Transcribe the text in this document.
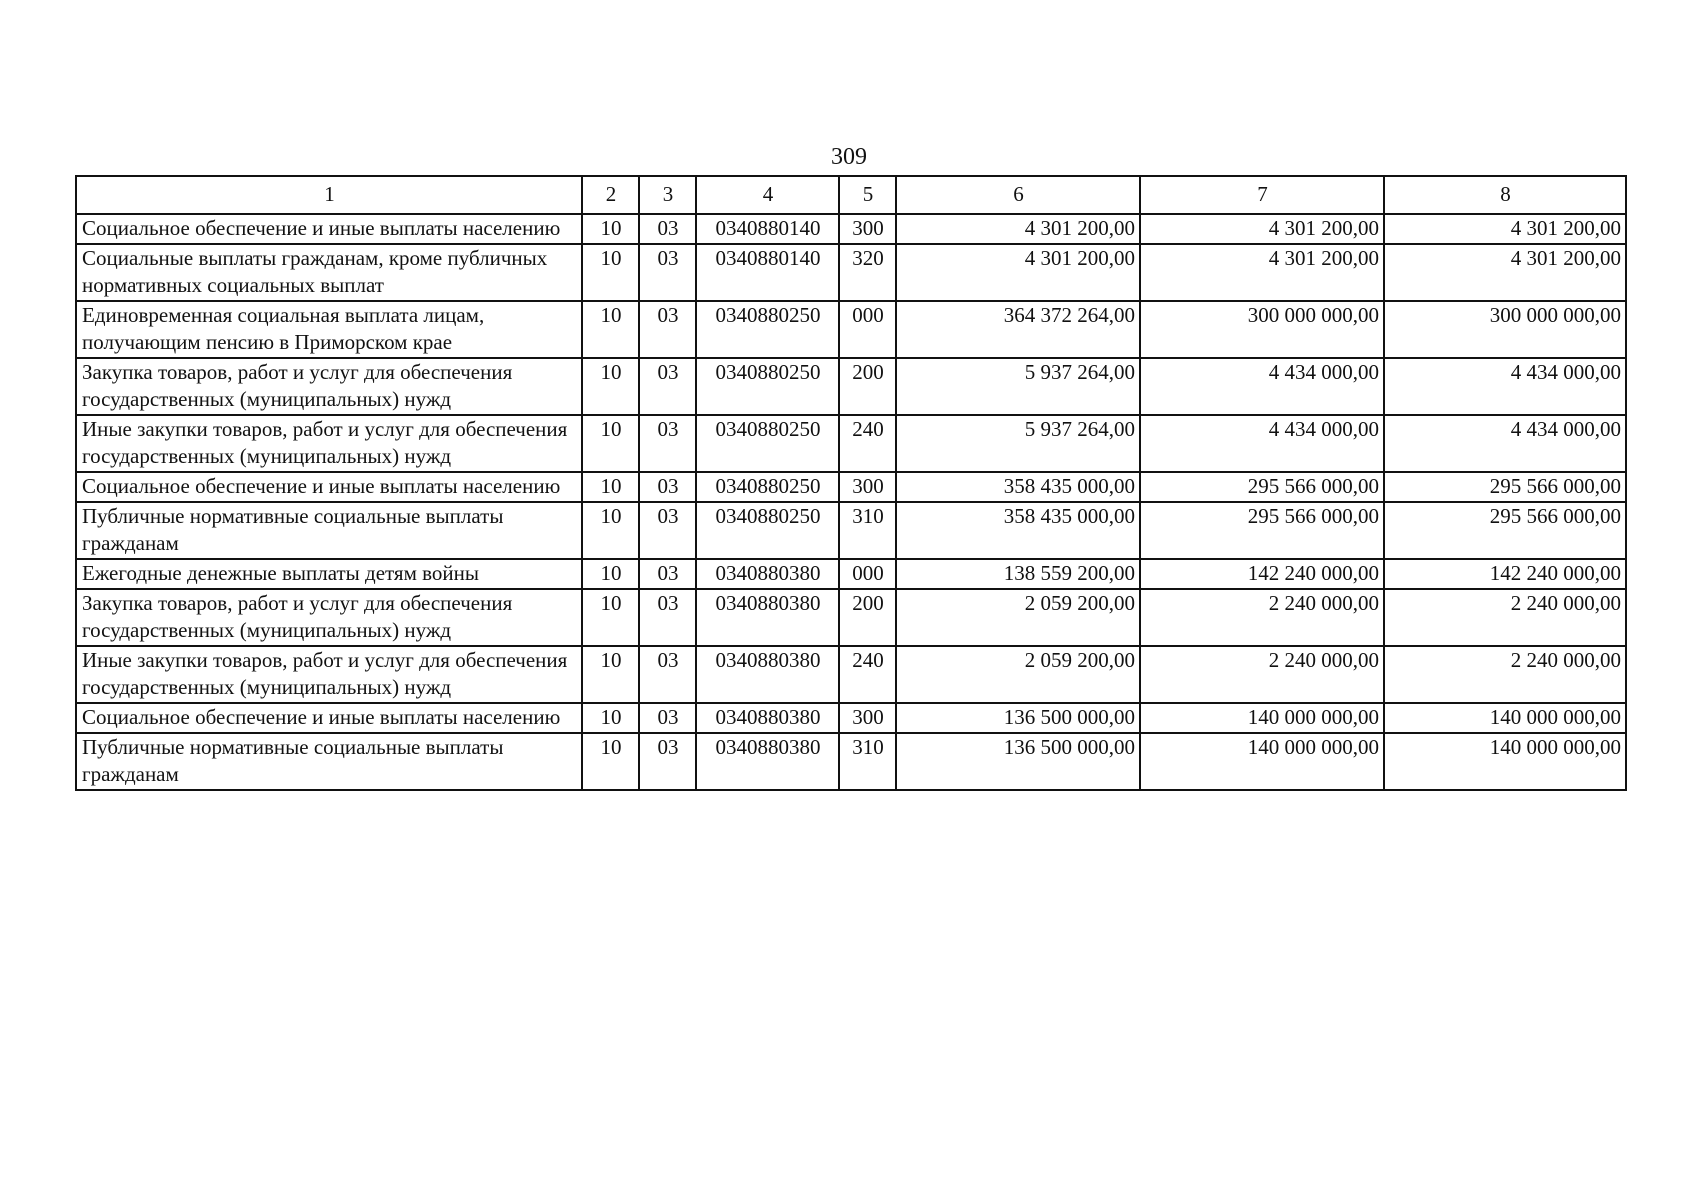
309
1	2	3	4	5	6	7	8
Социальное обеспечение и иные выплаты населению	10	03	0340880140	300	4 301 200,00	4 301 200,00	4 301 200,00
Социальные выплаты гражданам, кроме публичных нормативных социальных выплат	10	03	0340880140	320	4 301 200,00	4 301 200,00	4 301 200,00
Единовременная социальная выплата лицам, получающим пенсию в Приморском крае	10	03	0340880250	000	364 372 264,00	300 000 000,00	300 000 000,00
Закупка товаров, работ и услуг для обеспечения государственных (муниципальных) нужд	10	03	0340880250	200	5 937 264,00	4 434 000,00	4 434 000,00
Иные закупки товаров, работ и услуг для обеспечения государственных (муниципальных) нужд	10	03	0340880250	240	5 937 264,00	4 434 000,00	4 434 000,00
Социальное обеспечение и иные выплаты населению	10	03	0340880250	300	358 435 000,00	295 566 000,00	295 566 000,00
Публичные нормативные социальные выплаты гражданам	10	03	0340880250	310	358 435 000,00	295 566 000,00	295 566 000,00
Ежегодные денежные выплаты детям войны	10	03	0340880380	000	138 559 200,00	142 240 000,00	142 240 000,00
Закупка товаров, работ и услуг для обеспечения государственных (муниципальных) нужд	10	03	0340880380	200	2 059 200,00	2 240 000,00	2 240 000,00
Иные закупки товаров, работ и услуг для обеспечения государственных (муниципальных) нужд	10	03	0340880380	240	2 059 200,00	2 240 000,00	2 240 000,00
Социальное обеспечение и иные выплаты населению	10	03	0340880380	300	136 500 000,00	140 000 000,00	140 000 000,00
Публичные нормативные социальные выплаты гражданам	10	03	0340880380	310	136 500 000,00	140 000 000,00	140 000 000,00
